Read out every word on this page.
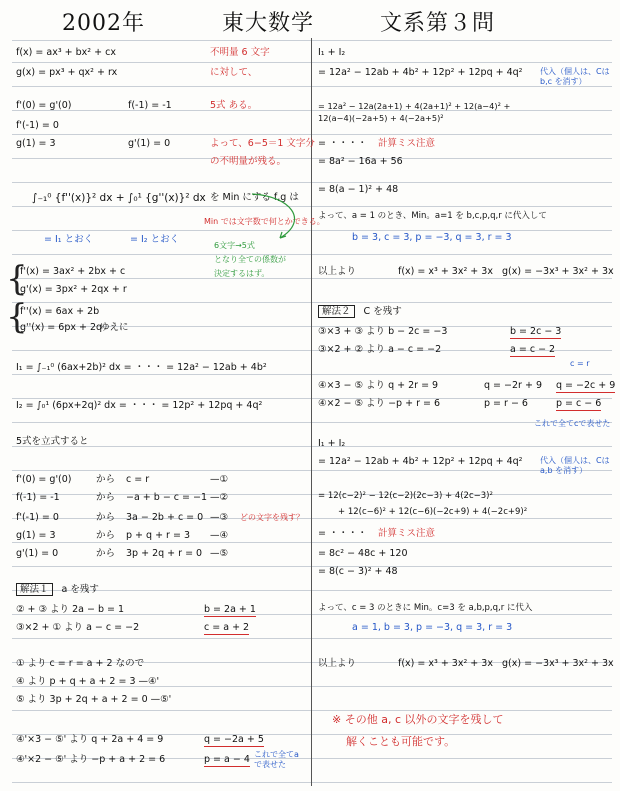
2002年	東大数学	文系第３問
f(x) = ax³ + bx² + cx
g(x) = px³ + qx² + rx
不明量 6 文字
に対して、
f'(0) = g'(0)	f(-1) = -1	5式 ある。
f'(-1) = 0
g(1) = 3	g'(1) = 0	よって、6−5＝1 文字分
の不明量が残る。
∫₋₁⁰ {f''(x)}² dx + ∫₀¹ {g''(x)}² dx を Min にする f,g は
Min では文字数で何とかできる。
= I₁ とおく	= I₂ とおく
6文字→5式
となり全ての係数が
決定するはず。
{
f'(x) = 3ax² + 2bx + c
g'(x) = 3px² + 2qx + r
{
f''(x) = 6ax + 2b
g''(x) = 6px + 2q
ゆえに
I₁ = ∫₋₁⁰ (6ax+2b)² dx = ・・・ = 12a² − 12ab + 4b²
I₂ = ∫₀¹ (6px+2q)² dx = ・・・ = 12p² + 12pq + 4q²
5式を立式すると
f'(0) = g'(0)	から c = r	—①
f(-1) = -1	から −a + b − c = −1 —②
f'(-1) = 0	から 3a − 2b + c = 0 —③ どの文字を残す？
g(1) = 3	から p + q + r = 3 —④
g'(1) = 0	から 3p + 2q + r = 0 —⑤
解法１ a を残す
② + ③ より 2a − b = 1	b = 2a + 1
③×2 + ① より a − c = −2	c = a + 2
① より c = r = a + 2 なので
④ より p + q + a + 2 = 3 —④'
⑤ より 3p + 2q + a + 2 = 0 —⑤'
④'×3 − ⑤' より q + 2a + 4 = 9	q = −2a + 5
④'×2 − ⑤' より −p + a + 2 = 6	p = a − 4 これで全てaで表せた
I₁ + I₂
= 12a² − 12ab + 4b² + 12p² + 12pq + 4q² 代入（個人は、Cは b,c を消す）
= 12a² − 12a(2a+1) + 4(2a+1)² + 12(a−4)² + 12(a−4)(−2a+5) + 4(−2a+5)²
= ・・・・ 計算ミス注意
= 8a² − 16a + 56
= 8(a − 1)² + 48
よって、a = 1 のとき、Min。a=1 を b,c,p,q,r に代入して
b = 3, c = 3, p = −3, q = 3, r = 3
以上より	f(x) = x³ + 3x² + 3x g(x) = −3x³ + 3x² + 3x
解法２ C を残す
③×3 + ③ より b − 2c = −3	b = 2c − 3
③×2 + ② より a − c = −2	a = c − 2
c = r
④×3 − ⑤ より q + 2r = 9	q = −2r + 9 q = −2c + 9
④×2 − ⑤ より −p + r = 6	p = r − 6	p = c − 6
これで全てcで表せた
I₁ + I₂
= 12a² − 12ab + 4b² + 12p² + 12pq + 4q² 代入（個人は、Cは a,b を消す）
= 12(c−2)² − 12(c−2)(2c−3) + 4(2c−3)²
+ 12(c−6)² + 12(c−6)(−2c+9) + 4(−2c+9)²
= ・・・・ 計算ミス注意
= 8c² − 48c + 120
= 8(c − 3)² + 48
よって、c = 3 のときに Min。c=3 を a,b,p,q,r に代入
a = 1, b = 3, p = −3, q = 3, r = 3
以上より	f(x) = x³ + 3x² + 3x g(x) = −3x³ + 3x² + 3x
※ その他 a, c 以外の文字を残して
解くことも可能です。
